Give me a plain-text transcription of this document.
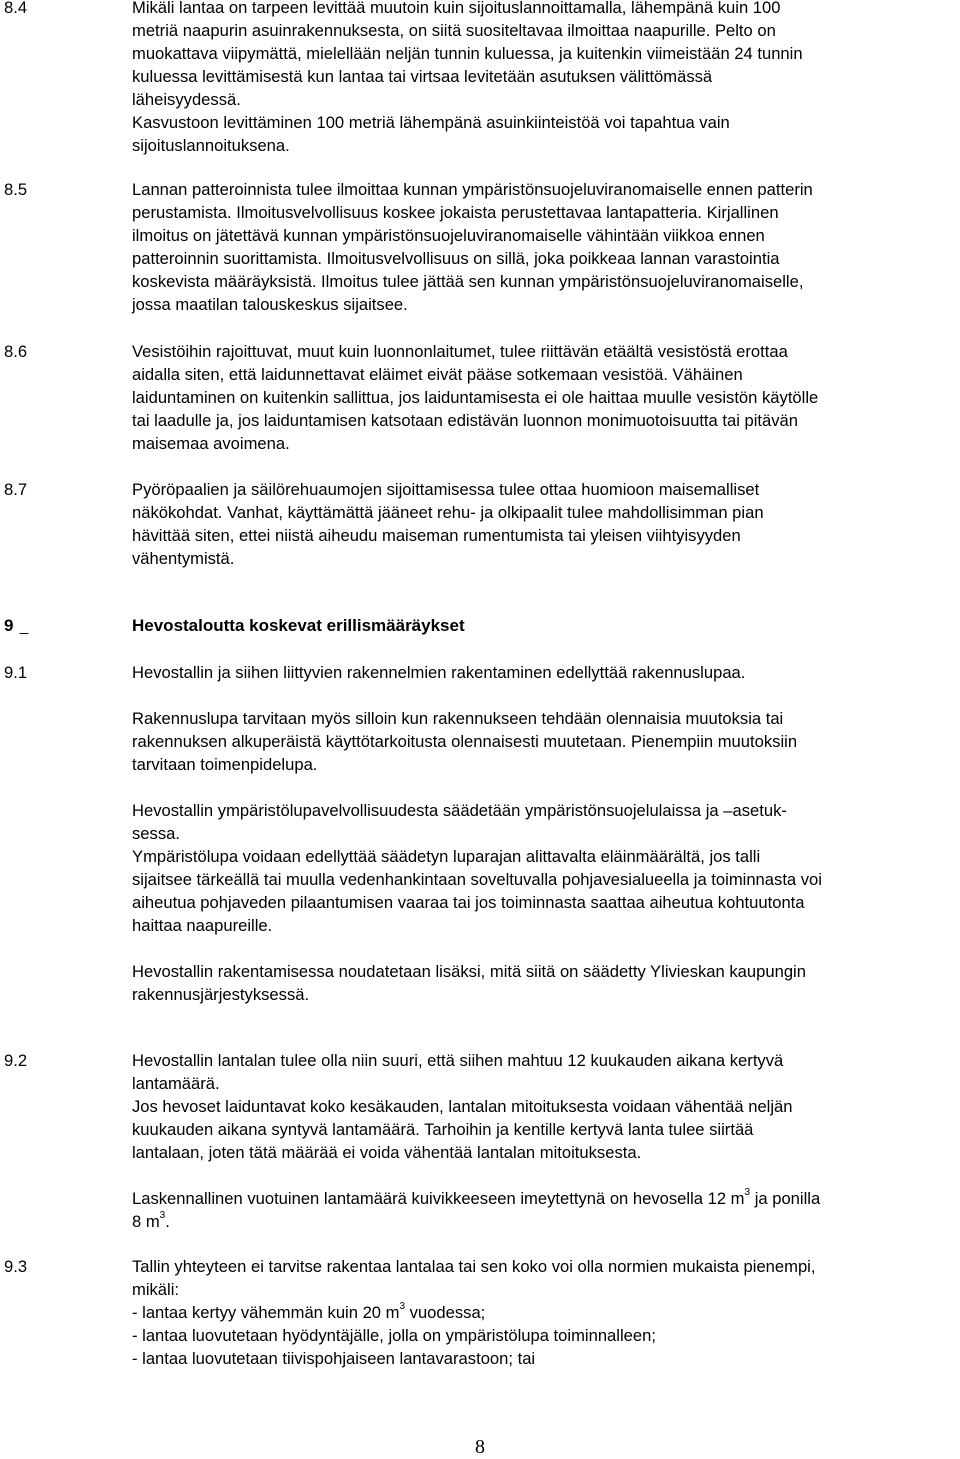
8.4	Mikäli lantaa on tarpeen levittää muutoin kuin sijoituslannoittamalla, lähempänä kuin 100

metriä naapurin asuinrakennuksesta, on siitä suositeltavaa ilmoittaa naapurille. Pelto on

muokattava viipymättä, mielellään neljän tunnin kuluessa, ja kuitenkin viimeistään 24 tunnin

kuluessa levittämisestä kun lantaa tai virtsaa levitetään asutuksen välittömässä

läheisyydessä.

Kasvustoon levittäminen 100 metriä lähempänä asuinkiinteistöä voi tapahtua vain

sijoituslannoituksena.

8.5	Lannan patteroinnista tulee ilmoittaa kunnan ympäristönsuojeluviranomaiselle ennen patterin

perustamista. Ilmoitusvelvollisuus koskee jokaista perustettavaa lantapatteria. Kirjallinen

ilmoitus on jätettävä kunnan ympäristönsuojeluviranomaiselle vähintään viikkoa ennen

patteroinnin suorittamista. Ilmoitusvelvollisuus on sillä, joka poikkeaa lannan varastointia

koskevista määräyksistä. Ilmoitus tulee jättää sen kunnan ympäristönsuojeluviranomaiselle,

jossa maatilan talouskeskus sijaitsee.

8.6	Vesistöihin rajoittuvat, muut kuin luonnonlaitumet, tulee riittävän etäältä vesistöstä erottaa

aidalla siten, että laidunnettavat eläimet eivät pääse sotkemaan vesistöä. Vähäinen

laiduntaminen on kuitenkin sallittua, jos laiduntamisesta ei ole haittaa muulle vesistön käytölle

tai laadulle ja, jos laiduntamisen katsotaan edistävän luonnon monimuotoisuutta tai pitävän

maisemaa avoimena.

8.7	Pyöröpaalien ja säilörehuaumojen sijoittamisessa tulee ottaa huomioon maisemalliset

näkökohdat. Vanhat, käyttämättä jääneet rehu- ja olkipaalit tulee mahdollisimman pian

hävittää siten, ettei niistä aiheudu maiseman rumentumista tai yleisen viihtyisyyden

vähentymistä.

9	Hevostaloutta koskevat erillismääräykset
9.1	Hevostallin ja siihen liittyvien rakennelmien rakentaminen edellyttää rakennuslupaa.

Rakennuslupa tarvitaan myös silloin kun rakennukseen tehdään olennaisia muutoksia tai

rakennuksen alkuperäistä käyttötarkoitusta olennaisesti muutetaan. Pienempiin muutoksiin

tarvitaan toimenpidelupa.

Hevostallin ympäristölupavelvollisuudesta säädetään ympäristönsuojelulaissa ja –asetuk-

sessa.

Ympäristölupa voidaan edellyttää säädetyn luparajan alittavalta eläinmäärältä, jos talli

sijaitsee tärkeällä tai muulla vedenhankintaan soveltuvalla pohjavesialueella ja toiminnasta voi

aiheutua pohjaveden pilaantumisen vaaraa tai jos toiminnasta saattaa aiheutua kohtuutonta

haittaa naapureille.

Hevostallin rakentamisessa noudatetaan lisäksi, mitä siitä on säädetty Ylivieskan kaupungin

rakennusjärjestyksessä.

9.2	Hevostallin lantalan tulee olla niin suuri, että siihen mahtuu 12 kuukauden aikana kertyvä

lantamäärä.

Jos hevoset laiduntavat koko kesäkauden, lantalan mitoituksesta voidaan vähentää neljän

kuukauden aikana syntyvä lantamäärä. Tarhoihin ja kentille kertyvä lanta tulee siirtää

lantalaan, joten tätä määrää ei voida vähentää lantalan mitoituksesta.

Laskennallinen vuotuinen lantamäärä kuivikkeeseen imeytettynä on hevosella 12 $m^3$ ja ponilla

8 $m^3$.

9.3	Tallin yhteyteen ei tarvitse rakentaa lantalaa tai sen koko voi olla normien mukaista pienempi,

mikäli:

- lantaa kertyy vähemmän kuin 20 $m^3$ vuodessa;

- lantaa luovutetaan hyödyntäjälle, jolla on ympäristölupa toiminnalleen;

- lantaa luovutetaan tiivispohjaiseen lantavarastoon; tai

8
